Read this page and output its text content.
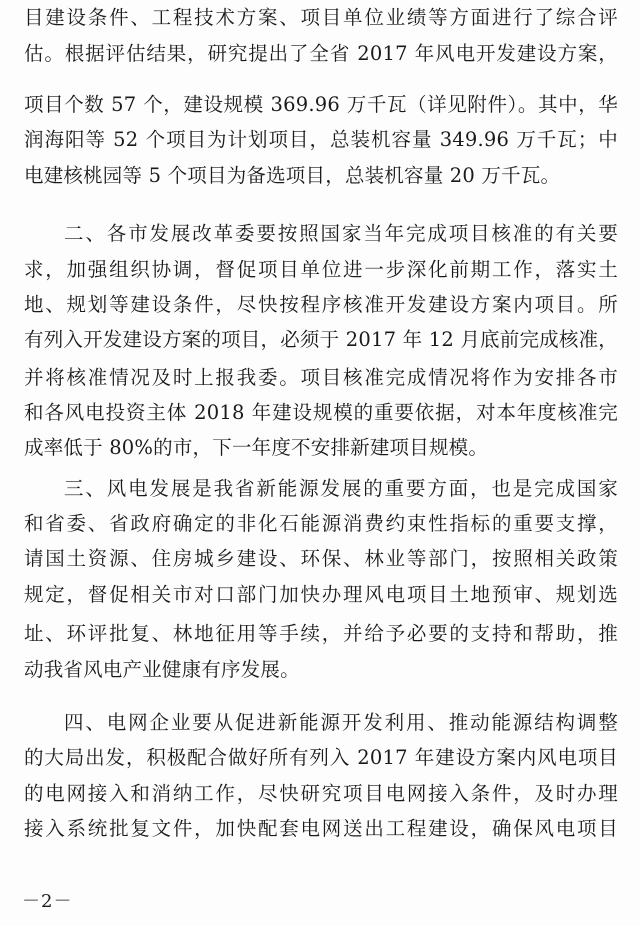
目建设条件、工程技术方案、项目单位业绩等方面进行了综合评
估。根据评估结果，研究提出了全省 2017 年风电开发建设方案，
项目个数 57 个，建设规模 369.96 万千瓦（详见附件）。其中，华
润海阳等 52 个项目为计划项目，总装机容量 349.96 万千瓦；中
电建核桃园等 5 个项目为备选项目，总装机容量 20 万千瓦。
二、各市发展改革委要按照国家当年完成项目核准的有关要
求，加强组织协调，督促项目单位进一步深化前期工作，落实土
地、规划等建设条件，尽快按程序核准开发建设方案内项目。所
有列入开发建设方案的项目，必须于 2017 年 12 月底前完成核准，
并将核准情况及时上报我委。项目核准完成情况将作为安排各市
和各风电投资主体 2018 年建设规模的重要依据，对本年度核准完
成率低于 80%的市，下一年度不安排新建项目规模。
三、风电发展是我省新能源发展的重要方面，也是完成国家
和省委、省政府确定的非化石能源消费约束性指标的重要支撑，
请国土资源、住房城乡建设、环保、林业等部门，按照相关政策
规定，督促相关市对口部门加快办理风电项目土地预审、规划选
址、环评批复、林地征用等手续，并给予必要的支持和帮助，推
动我省风电产业健康有序发展。
四、电网企业要从促进新能源开发利用、推动能源结构调整
的大局出发，积极配合做好所有列入 2017 年建设方案内风电项目
的电网接入和消纳工作，尽快研究项目电网接入条件，及时办理
接入系统批复文件，加快配套电网送出工程建设，确保风电项目
－2－
